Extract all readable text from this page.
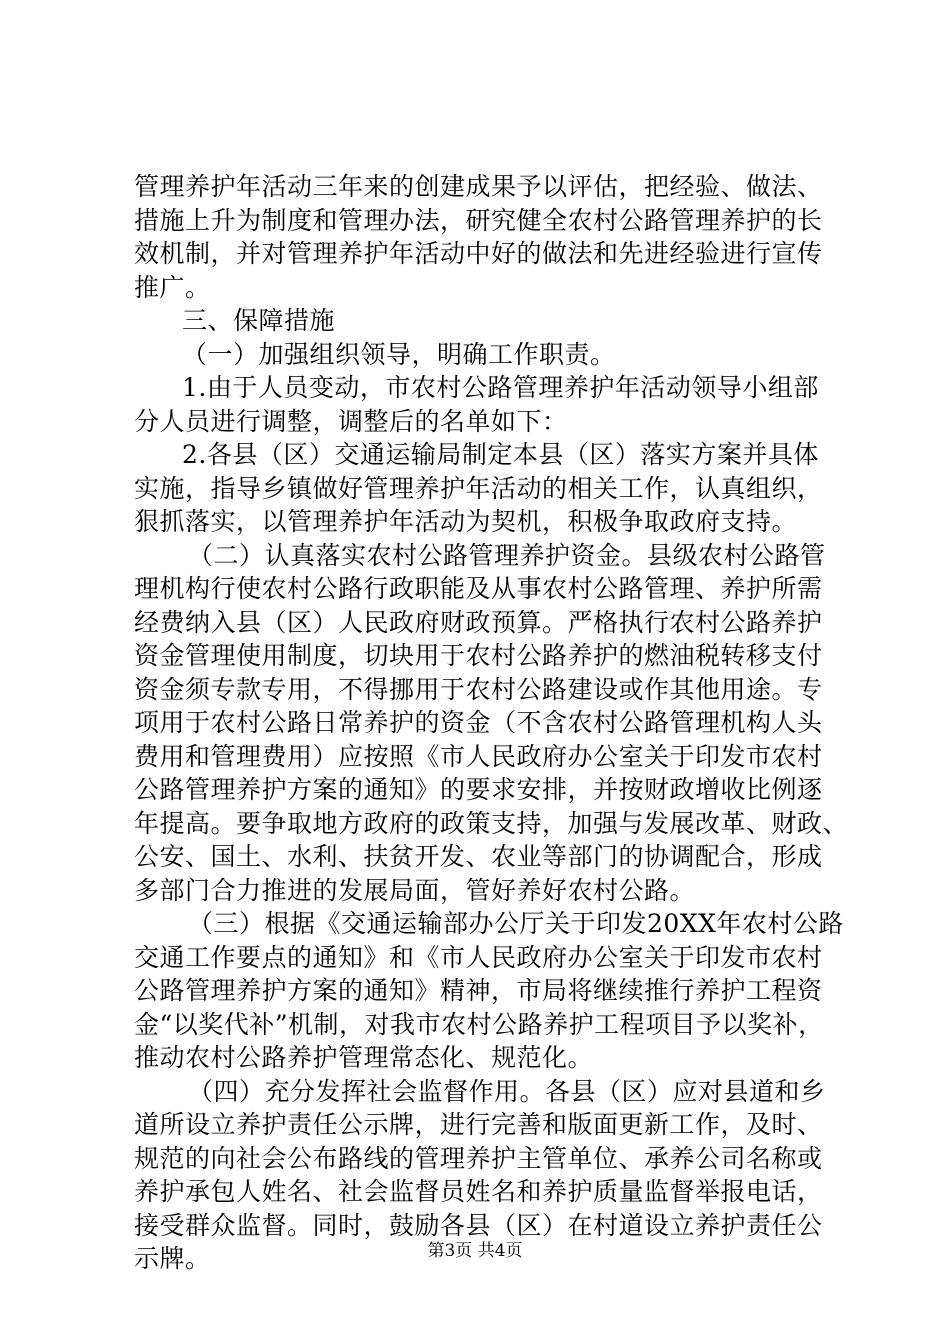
管理养护年活动三年来的创建成果予以评估，把经验、做法、
措施上升为制度和管理办法，研究健全农村公路管理养护的长
效机制，并对管理养护年活动中好的做法和先进经验进行宣传
推广。
三、保障措施
（一）加强组织领导，明确工作职责。
1.由于人员变动，市农村公路管理养护年活动领导小组部
分人员进行调整，调整后的名单如下：
2.各县（区）交通运输局制定本县（区）落实方案并具体
实施，指导乡镇做好管理养护年活动的相关工作，认真组织，
狠抓落实，以管理养护年活动为契机，积极争取政府支持。
（二）认真落实农村公路管理养护资金。县级农村公路管
理机构行使农村公路行政职能及从事农村公路管理、养护所需
经费纳入县（区）人民政府财政预算。严格执行农村公路养护
资金管理使用制度，切块用于农村公路养护的燃油税转移支付
资金须专款专用，不得挪用于农村公路建设或作其他用途。专
项用于农村公路日常养护的资金（不含农村公路管理机构人头
费用和管理费用）应按照《市人民政府办公室关于印发市农村
公路管理养护方案的通知》的要求安排，并按财政增收比例逐
年提高。要争取地方政府的政策支持，加强与发展改革、财政、
公安、国土、水利、扶贫开发、农业等部门的协调配合，形成
多部门合力推进的发展局面，管好养好农村公路。
（三）根据《交通运输部办公厅关于印发20XX年农村公路
交通工作要点的通知》和《市人民政府办公室关于印发市农村
公路管理养护方案的通知》精神，市局将继续推行养护工程资
金“以奖代补”机制，对我市农村公路养护工程项目予以奖补，
推动农村公路养护管理常态化、规范化。
（四）充分发挥社会监督作用。各县（区）应对县道和乡
道所设立养护责任公示牌，进行完善和版面更新工作，及时、
规范的向社会公布路线的管理养护主管单位、承养公司名称或
养护承包人姓名、社会监督员姓名和养护质量监督举报电话，
接受群众监督。同时，鼓励各县（区）在村道设立养护责任公
示牌。	第3页 共4页
